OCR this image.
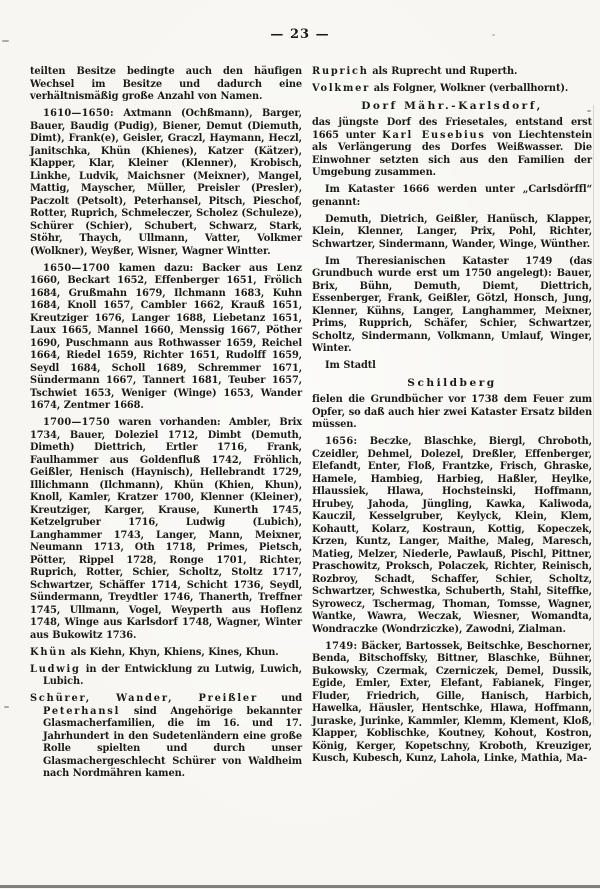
— 23 —

teilten Besitze bedingte auch den häufigen Wechsel im Besitze und dadurch eine verhältnismäßig große Anzahl von Namen.

1610—1650: Axtmann (Ochßmann), Barger, Bauer, Baudig (Pudig), Biener, Demut (Diemuth, Dimt), Frank(e), Geisler, Graczl, Haymann, Heczl, Janitschka, Khün (Khienes), Katzer (Kätzer), Klapper, Klar, Kleiner (Klenner), Krobisch, Linkhe, Ludvik, Maichsner (Meixner), Mangel, Mattig, Mayscher, Müller, Preisler (Presler), Paczolt (Petsolt), Peterhansel, Pitsch, Pieschof, Rotter, Ruprich, Schmeleczer, Scholez (Schuleze), Schürer (Schier), Schubert, Schwarz, Stark, Stöhr, Thaych, Ullmann, Vatter, Volkmer (Wolkner), Weyßer, Wisner, Wagner Wintter.

1650—1700 kamen dazu: Backer aus Lenz 1660, Beckart 1652, Effenberger 1651, Frölich 1684, Grußmahn 1679, Ilchmann 1683, Kuhn 1684, Knoll 1657, Cambler 1662, Krauß 1651, Kreutziger 1676, Langer 1688, Liebetanz 1651, Laux 1665, Mannel 1660, Menssig 1667, Pöther 1690, Puschmann aus Rothwasser 1659, Reichel 1664, Riedel 1659, Richter 1651, Rudolff 1659, Seydl 1684, Scholl 1689, Schremmer 1671, Sündermann 1667, Tannert 1681, Teuber 1657, Tschwiet 1653, Weniger (Winge) 1653, Wander 1674, Zentmer 1668.

1700—1750 waren vorhanden: Ambler, Brix 1734, Bauer, Doleziel 1712, Dimbt (Demuth, Dimeth) Diettrich, Ertler 1716, Frank, Faulhammer aus Goldenfluß 1742, Fröhlich, Geißler, Henisch (Haynisch), Hellebrandt 1729, Illichmann (Ilchmann), Khün (Khien, Khun), Knoll, Kamler, Kratzer 1700, Klenner (Kleiner), Kreutziger, Karger, Krause, Kunerth 1745, Ketzelgruber 1716, Ludwig (Lubich), Langhammer 1743, Langer, Mann, Meixner, Neumann 1713, Oth 1718, Primes, Pietsch, Pötter, Rippel 1728, Ronge 1701, Richter, Ruprich, Rotter, Schier, Scholtz, Stoltz 1717, Schwartzer, Schäffer 1714, Schicht 1736, Seydl, Sündermann, Treydtler 1746, Thanerth, Treffner 1745, Ullmann, Vogel, Weyperth aus Hoflenz 1748, Winge aus Karlsdorf 1748, Wagner, Winter aus Bukowitz 1736.

Khün als Kiehn, Khyn, Khiens, Kines, Khun.

Ludwig in der Entwicklung zu Lutwig, Luwich, Lubich.

Schürer, Wander, Preißler und Peterhansl sind Angehörige bekannter Glasmacherfamilien, die im 16. und 17. Jahrhundert in den Sudetenländern eine große Rolle spielten und durch unser Glasmachergeschlecht Schürer von Waldheim nach Nordmähren kamen.

Ruprich als Ruprecht und Ruperth.

Volkmer als Folgner, Wolkner (verballhornt).

Dorf Mähr.-Karlsdorf,

das jüngste Dorf des Friesetales, entstand erst 1665 unter Karl Eusebius von Liechtenstein als Verlängerung des Dorfes Weißwasser. Die Einwohner setzten sich aus den Familien der Umgebung zusammen.

Im Kataster 1666 werden unter „Carlsdörffl“ genannt:

Demuth, Dietrich, Geißler, Hanüsch, Klapper, Klein, Klenner, Langer, Prix, Pohl, Richter, Schwartzer, Sindermann, Wander, Winge, Wünther.

Im Theresianischen Kataster 1749 (das Grundbuch wurde erst um 1750 angelegt): Bauer, Brix, Bühn, Demuth, Diemt, Diettrich, Essenberger, Frank, Geißler, Götzl, Honsch, Jung, Klenner, Kühns, Langer, Langhammer, Meixner, Prims, Rupprich, Schäfer, Schier, Schwartzer, Scholtz, Sindermann, Volkmann, Umlauf, Winger, Winter.

Im Stadtl

Schildberg

fielen die Grundbücher vor 1738 dem Feuer zum Opfer, so daß auch hier zwei Kataster Ersatz bilden müssen.

1656: Beczke, Blaschke, Biergl, Chroboth, Czeidler, Dehmel, Dolezel, Dreßler, Effenberger, Elefandt, Enter, Floß, Frantzke, Frisch, Ghraske, Hamele, Hambieg, Harbieg, Haßler, Heylke, Hlaussiek, Hlawa, Hochsteinski, Hoffmann, Hrubey, Jahoda, Jüngling, Kawka, Kaliwoda, Kauczil, Kesselgruber, Keylyck, Klein, Klem, Kohautt, Kolarz, Kostraun, Kottig, Kopeczek, Krzen, Kuntz, Langer, Maithe, Maleg, Maresch, Matieg, Melzer, Niederle, Pawlauß, Pischl, Pittner, Praschowitz, Proksch, Polaczek, Richter, Reinisch, Rozbroy, Schadt, Schaffer, Schier, Scholtz, Schwartzer, Schwestka, Schuberth, Stahl, Siteffke, Syrowecz, Tschermag, Thoman, Tomsse, Wagner, Wantke, Wawra, Weczak, Wiesner, Womandta, Wondraczke (Wondrziczke), Zawodni, Zialman.

1749: Bäcker, Bartossek, Beitschke, Beschorner, Benda, Bitschoffsky, Bittner, Blaschke, Bühner, Bukowsky, Czermak, Czerniczek, Demel, Dussik, Egide, Emler, Exter, Elefant, Fabianek, Finger, Fluder, Friedrich, Gille, Hanisch, Harbich, Hawelka, Häusler, Hentschke, Hlawa, Hoffmann, Juraske, Jurinke, Kammler, Klemm, Klement, Kloß, Klapper, Koblischke, Koutney, Kohout, Kostron, König, Kerger, Kopetschny, Kroboth, Kreuziger, Kusch, Kubesch, Kunz, Lahola, Linke, Mathia, Ma-
